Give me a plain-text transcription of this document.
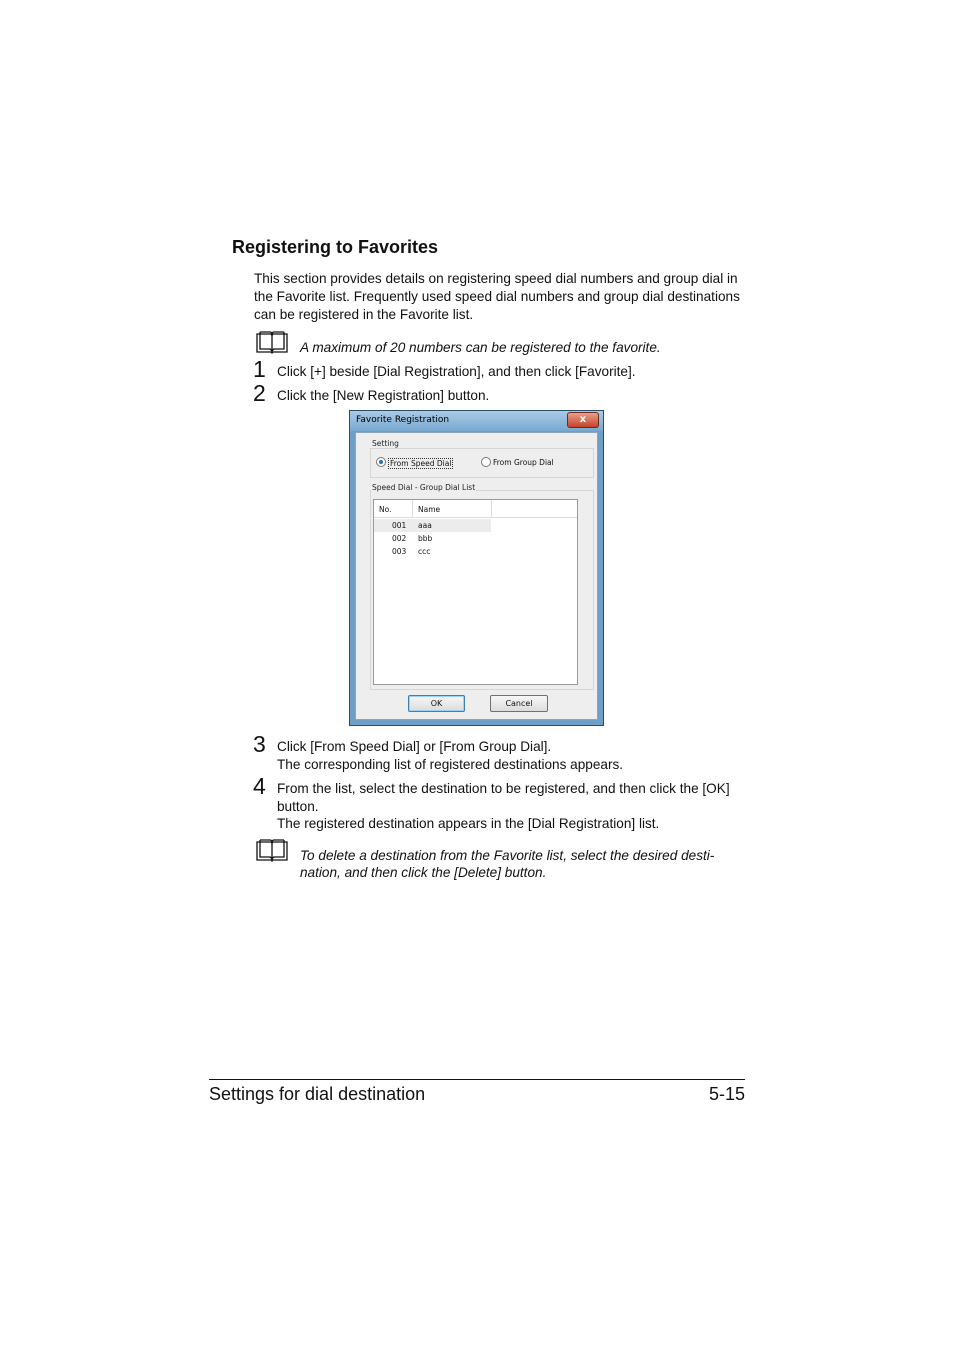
Registering to Favorites
This section provides details on registering speed dial numbers and group dial in the Favorite list. Frequently used speed dial numbers and group dial destinations can be registered in the Favorite list.
A maximum of 20 numbers can be registered to the favorite.
1 Click [+] beside [Dial Registration], and then click [Favorite].
2 Click the [New Registration] button.
Favorite Registration	x
Setting
From Speed Dial	From Group Dial
Speed Dial - Group Dial List
No.	Name
001 aaa
002 bbb
003 ccc
OK	Cancel
3 Click [From Speed Dial] or [From Group Dial].
The corresponding list of registered destinations appears.
4 From the list, select the destination to be registered, and then click the [OK] button.
The registered destination appears in the [Dial Registration] list.
To delete a destination from the Favorite list, select the desired desti-nation, and then click the [Delete] button.
Settings for dial destination	5-15
